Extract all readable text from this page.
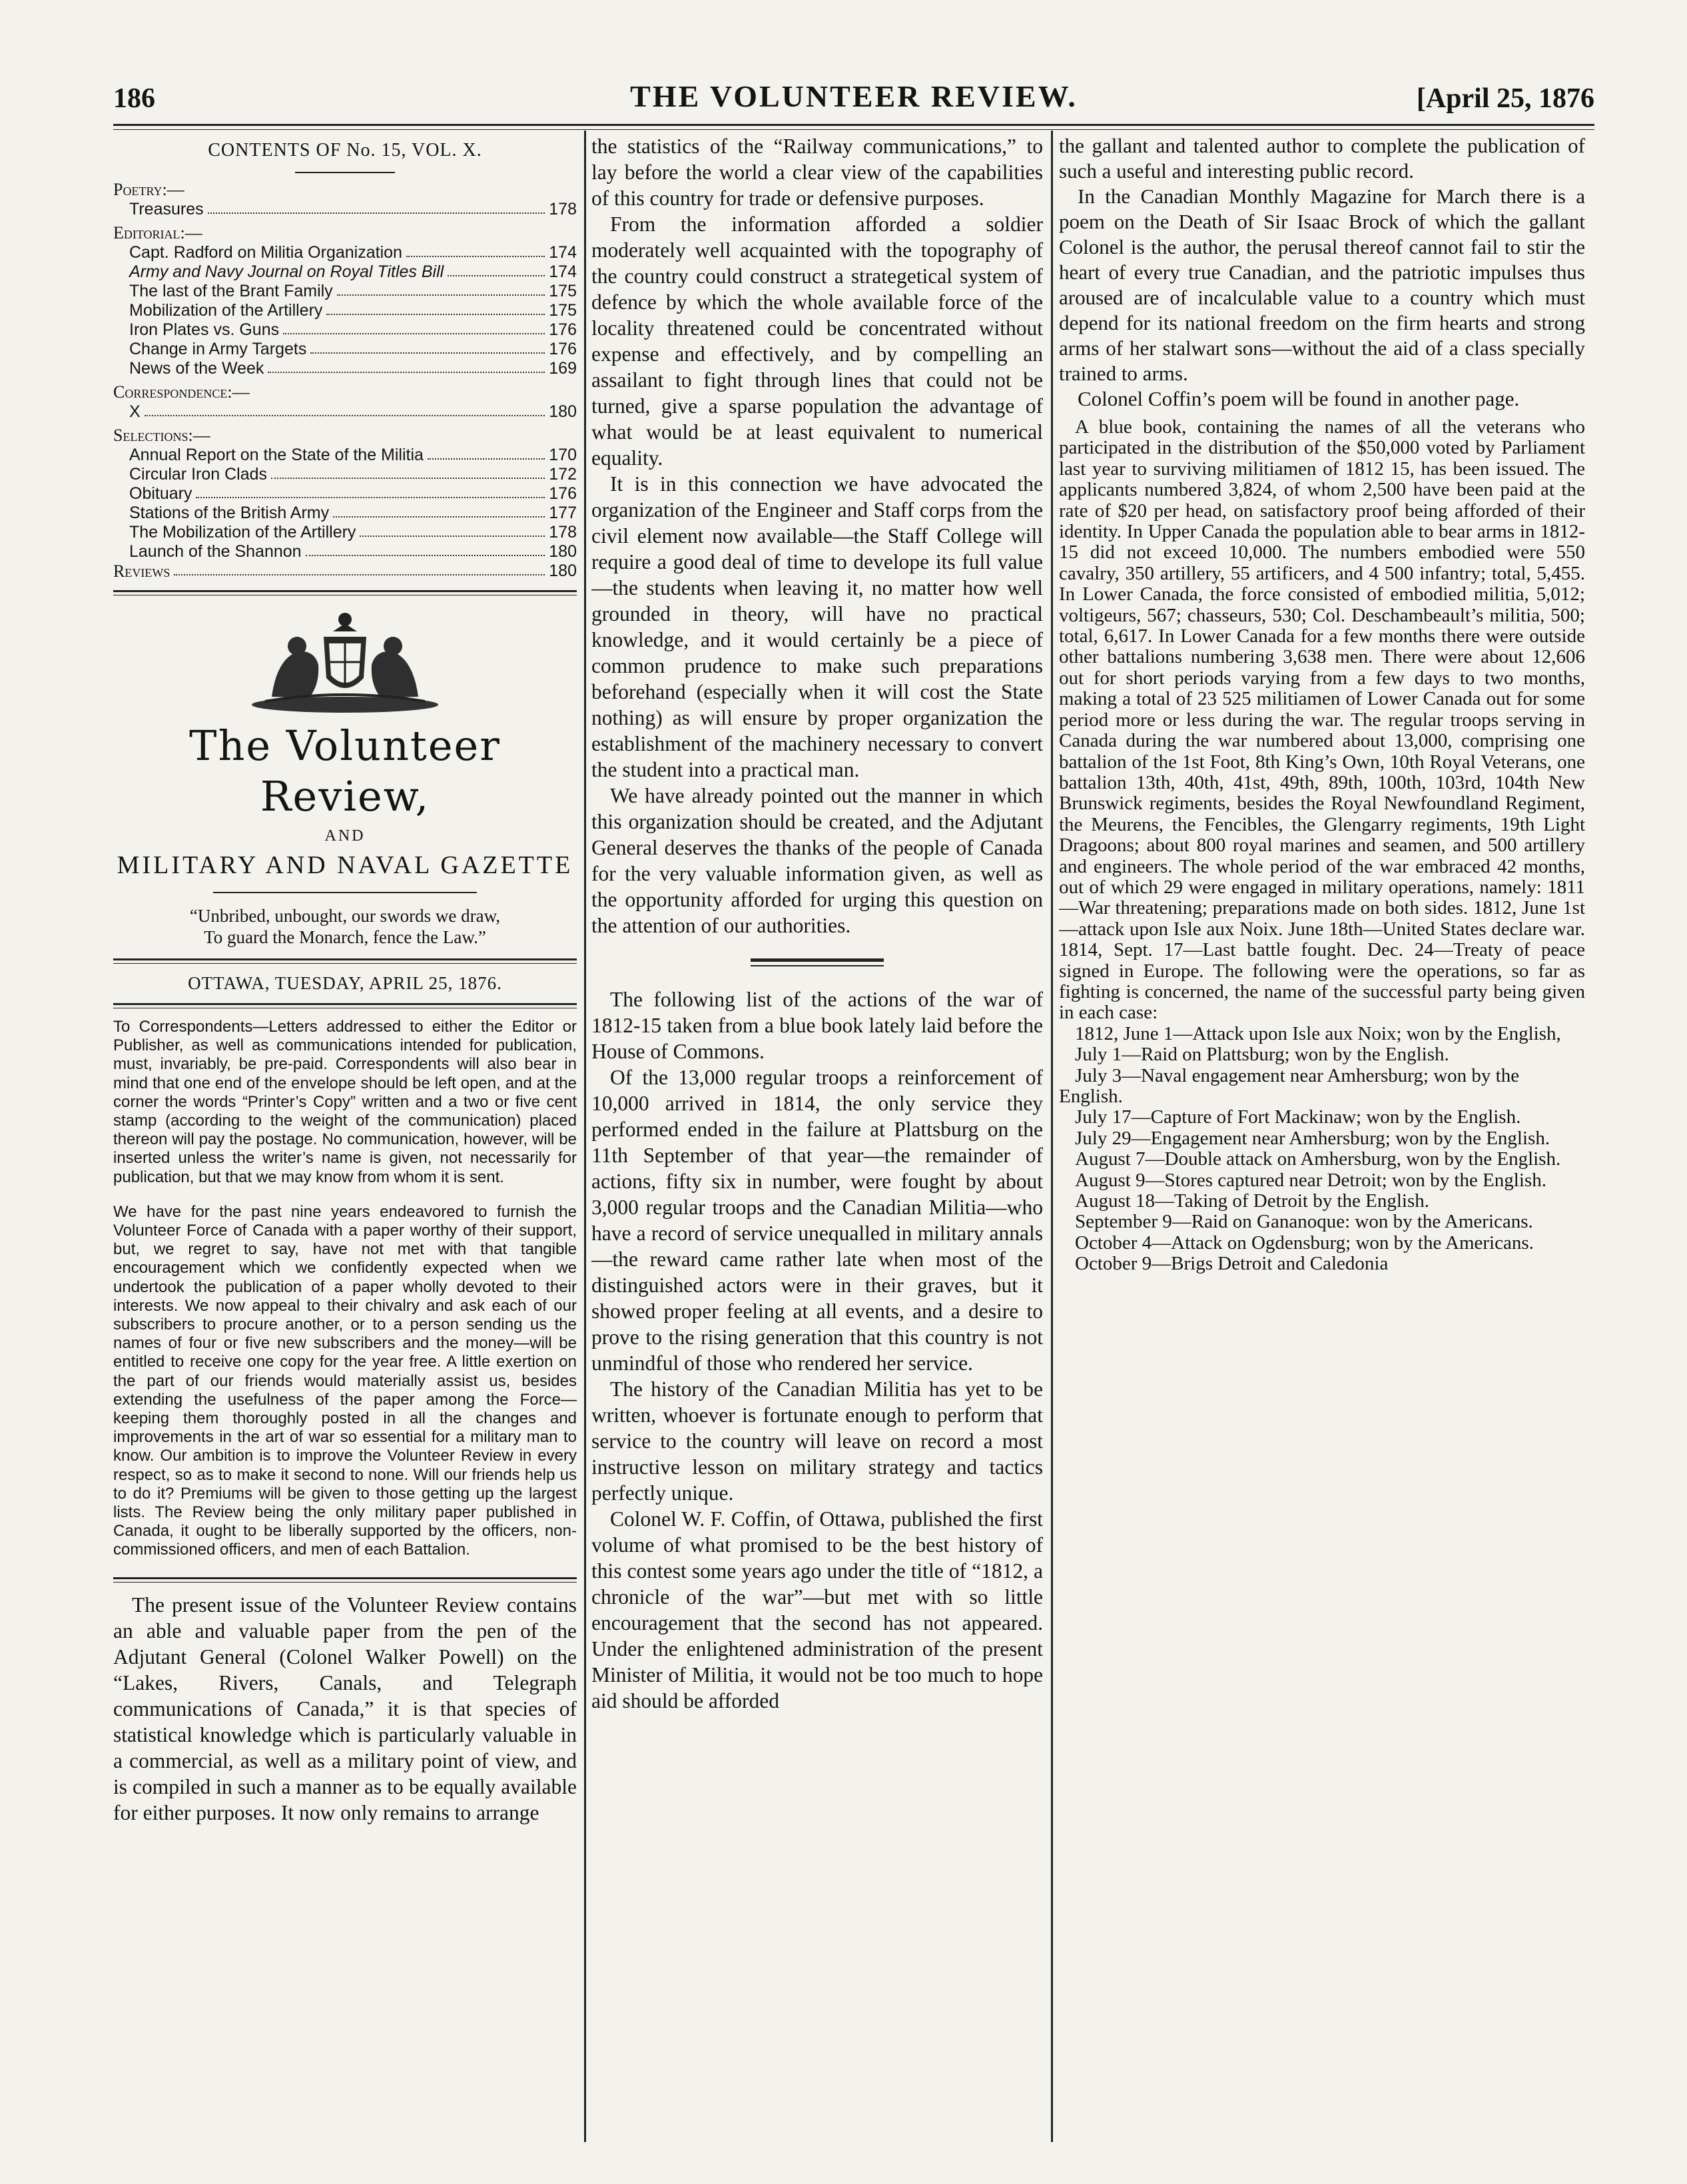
186	THE VOLUNTEER REVIEW.	[April 25, 1876
CONTENTS OF No. 15, VOL. X.
Poetry:—
Treasures	178
Editorial:—
Capt. Radford on Militia Organization	174
Army and Navy Journal on Royal Titles Bill	174
The last of the Brant Family	175
Mobilization of the Artillery	175
Iron Plates vs. Guns	176
Change in Army Targets	176
News of the Week	169
Correspondence:—
X	180
Selections:—
Annual Report on the State of the Militia	170
Circular Iron Clads	172
Obituary	176
Stations of the British Army	177
The Mobilization of the Artillery	178
Launch of the Shannon	180
Reviews	180
The Volunteer Review,
AND
MILITARY AND NAVAL GAZETTE
“Unbribed, unbought, our swords we draw,
To guard the Monarch, fence the Law.”
OTTAWA, TUESDAY, APRIL 25, 1876.

To Correspondents—Letters addressed to either the Editor or Publisher, as well as communications intended for publication, must, invariably, be pre-paid. Correspondents will also bear in mind that one end of the envelope should be left open, and at the corner the words “Printer’s Copy” written and a two or five cent stamp (according to the weight of the communication) placed thereon will pay the postage. No communication, however, will be inserted unless the writer’s name is given, not necessarily for publication, but that we may know from whom it is sent.

We have for the past nine years endeavored to furnish the Volunteer Force of Canada with a paper worthy of their support, but, we regret to say, have not met with that tangible encouragement which we confidently expected when we undertook the publication of a paper wholly devoted to their interests. We now appeal to their chivalry and ask each of our subscribers to procure another, or to a person sending us the names of four or five new subscribers and the money—will be entitled to receive one copy for the year free. A little exertion on the part of our friends would materially assist us, besides extending the usefulness of the paper among the Force—keeping them thoroughly posted in all the changes and improvements in the art of war so essential for a military man to know. Our ambition is to improve the Volunteer Review in every respect, so as to make it second to none. Will our friends help us to do it? Premiums will be given to those getting up the largest lists. The Review being the only military paper published in Canada, it ought to be liberally supported by the officers, non-commissioned officers, and men of each Battalion.

The present issue of the Volunteer Review contains an able and valuable paper from the pen of the Adjutant General (Colonel Walker Powell) on the “Lakes, Rivers, Canals, and Telegraph communications of Canada,” it is that species of statistical knowledge which is particularly valuable in a commercial, as well as a military point of view, and is compiled in such a manner as to be equally available for either purposes. It now only remains to arrange

the statistics of the “Railway communications,” to lay before the world a clear view of the capabilities of this country for trade or defensive purposes.

From the information afforded a soldier moderately well acquainted with the topography of the country could construct a strategetical system of defence by which the whole available force of the locality threatened could be concentrated without expense and effectively, and by compelling an assailant to fight through lines that could not be turned, give a sparse population the advantage of what would be at least equivalent to numerical equality.

It is in this connection we have advocated the organization of the Engineer and Staff corps from the civil element now available—the Staff College will require a good deal of time to develope its full value—the students when leaving it, no matter how well grounded in theory, will have no practical knowledge, and it would certainly be a piece of common prudence to make such preparations beforehand (especially when it will cost the State nothing) as will ensure by proper organization the establishment of the machinery necessary to convert the student into a practical man.

We have already pointed out the manner in which this organization should be created, and the Adjutant General deserves the thanks of the people of Canada for the very valuable information given, as well as the opportunity afforded for urging this question on the attention of our authorities.

The following list of the actions of the war of 1812-15 taken from a blue book lately laid before the House of Commons.

Of the 13,000 regular troops a reinforcement of 10,000 arrived in 1814, the only service they performed ended in the failure at Plattsburg on the 11th September of that year—the remainder of actions, fifty six in number, were fought by about 3,000 regular troops and the Canadian Militia—who have a record of service unequalled in military annals—the reward came rather late when most of the distinguished actors were in their graves, but it showed proper feeling at all events, and a desire to prove to the rising generation that this country is not unmindful of those who rendered her service.

The history of the Canadian Militia has yet to be written, whoever is fortunate enough to perform that service to the country will leave on record a most instructive lesson on military strategy and tactics perfectly unique.

Colonel W. F. Coffin, of Ottawa, published the first volume of what promised to be the best history of this contest some years ago under the title of “1812, a chronicle of the war”—but met with so little encouragement that the second has not appeared. Under the enlightened administration of the present Minister of Militia, it would not be too much to hope aid should be afforded

the gallant and talented author to complete the publication of such a useful and interesting public record.

In the Canadian Monthly Magazine for March there is a poem on the Death of Sir Isaac Brock of which the gallant Colonel is the author, the perusal thereof cannot fail to stir the heart of every true Canadian, and the patriotic impulses thus aroused are of incalculable value to a country which must depend for its national freedom on the firm hearts and strong arms of her stalwart sons—without the aid of a class specially trained to arms.

Colonel Coffin’s poem will be found in another page.

A blue book, containing the names of all the veterans who participated in the distribution of the $50,000 voted by Parliament last year to surviving militiamen of 1812 15, has been issued. The applicants numbered 3,824, of whom 2,500 have been paid at the rate of $20 per head, on satisfactory proof being afforded of their identity. In Upper Canada the population able to bear arms in 1812-15 did not exceed 10,000. The numbers embodied were 550 cavalry, 350 artillery, 55 artificers, and 4 500 infantry; total, 5,455. In Lower Canada, the force consisted of embodied militia, 5,012; voltigeurs, 567; chasseurs, 530; Col. Deschambeault’s militia, 500; total, 6,617. In Lower Canada for a few months there were outside other battalions numbering 3,638 men. There were about 12,606 out for short periods varying from a few days to two months, making a total of 23 525 militiamen of Lower Canada out for some period more or less during the war. The regular troops serving in Canada during the war numbered about 13,000, comprising one battalion of the 1st Foot, 8th King’s Own, 10th Royal Veterans, one battalion 13th, 40th, 41st, 49th, 89th, 100th, 103rd, 104th New Brunswick regiments, besides the Royal Newfoundland Regiment, the Meurens, the Fencibles, the Glengarry regiments, 19th Light Dragoons; about 800 royal marines and seamen, and 500 artillery and engineers. The whole period of the war embraced 42 months, out of which 29 were engaged in military operations, namely: 1811—War threatening; preparations made on both sides. 1812, June 1st—attack upon Isle aux Noix. June 18th—United States declare war. 1814, Sept. 17—Last battle fought. Dec. 24—Treaty of peace signed in Europe. The following were the operations, so far as fighting is concerned, the name of the successful party being given in each case:

1812, June 1—Attack upon Isle aux Noix; won by the English,

July 1—Raid on Plattsburg; won by the English.

July 3—Naval engagement near Amhersburg; won by the English.

July 17—Capture of Fort Mackinaw; won by the English.

July 29—Engagement near Amhersburg; won by the English.

August 7—Double attack on Amhersburg, won by the English.

August 9—Stores captured near Detroit; won by the English.

August 18—Taking of Detroit by the English.

September 9—Raid on Gananoque: won by the Americans.

October 4—Attack on Ogdensburg; won by the Americans.

October 9—Brigs Detroit and Caledonia
